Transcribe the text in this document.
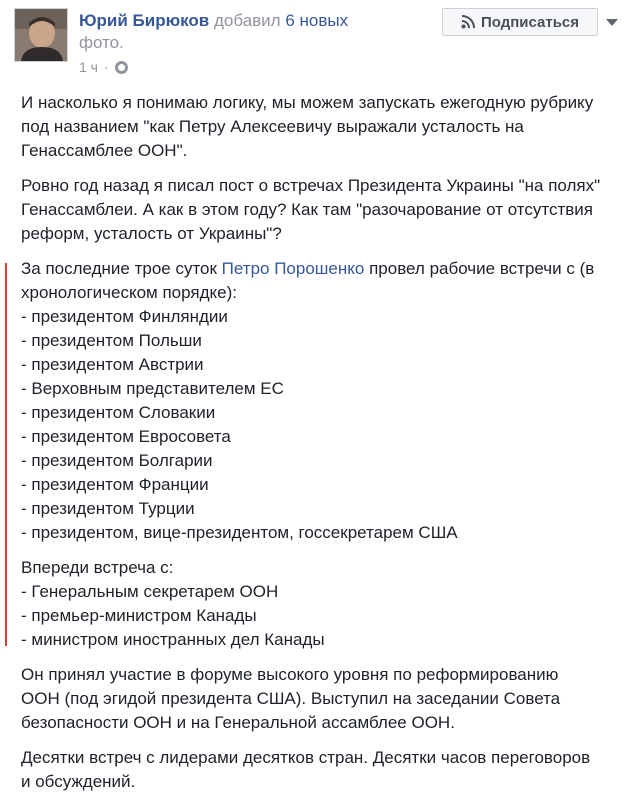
Юрий Бирюков добавил 6 новых
фото.
1 ч ·
Подписаться

И насколько я понимаю логику, мы можем запускать ежегодную рубрику под названием "как Петру Алексеевичу выражали усталость на Генассамблее ООН".

Ровно год назад я писал пост о встречах Президента Украины "на полях" Генассамблеи. А как в этом году? Как там "разочарование от отсутствия реформ, усталость от Украины"?

За последние трое суток Петро Порошенко провел рабочие встречи с (в хронологическом порядке):
- президентом Финляндии
- президентом Польши
- президентом Австрии
- Верховным представителем ЕС
- президентом Словакии
- президентом Евросовета
- президентом Болгарии
- президентом Франции
- президентом Турции
- президентом, вице-президентом, госсекретарем США

Впереди встреча с:
- Генеральным секретарем ООН
- премьер-министром Канады
- министром иностранных дел Канады

Он принял участие в форуме высокого уровня по реформированию ООН (под эгидой президента США). Выступил на заседании Совета безопасности ООН и на Генеральной ассамблее ООН.

Десятки встреч с лидерами десятков стран. Десятки часов переговоров и обсуждений.
